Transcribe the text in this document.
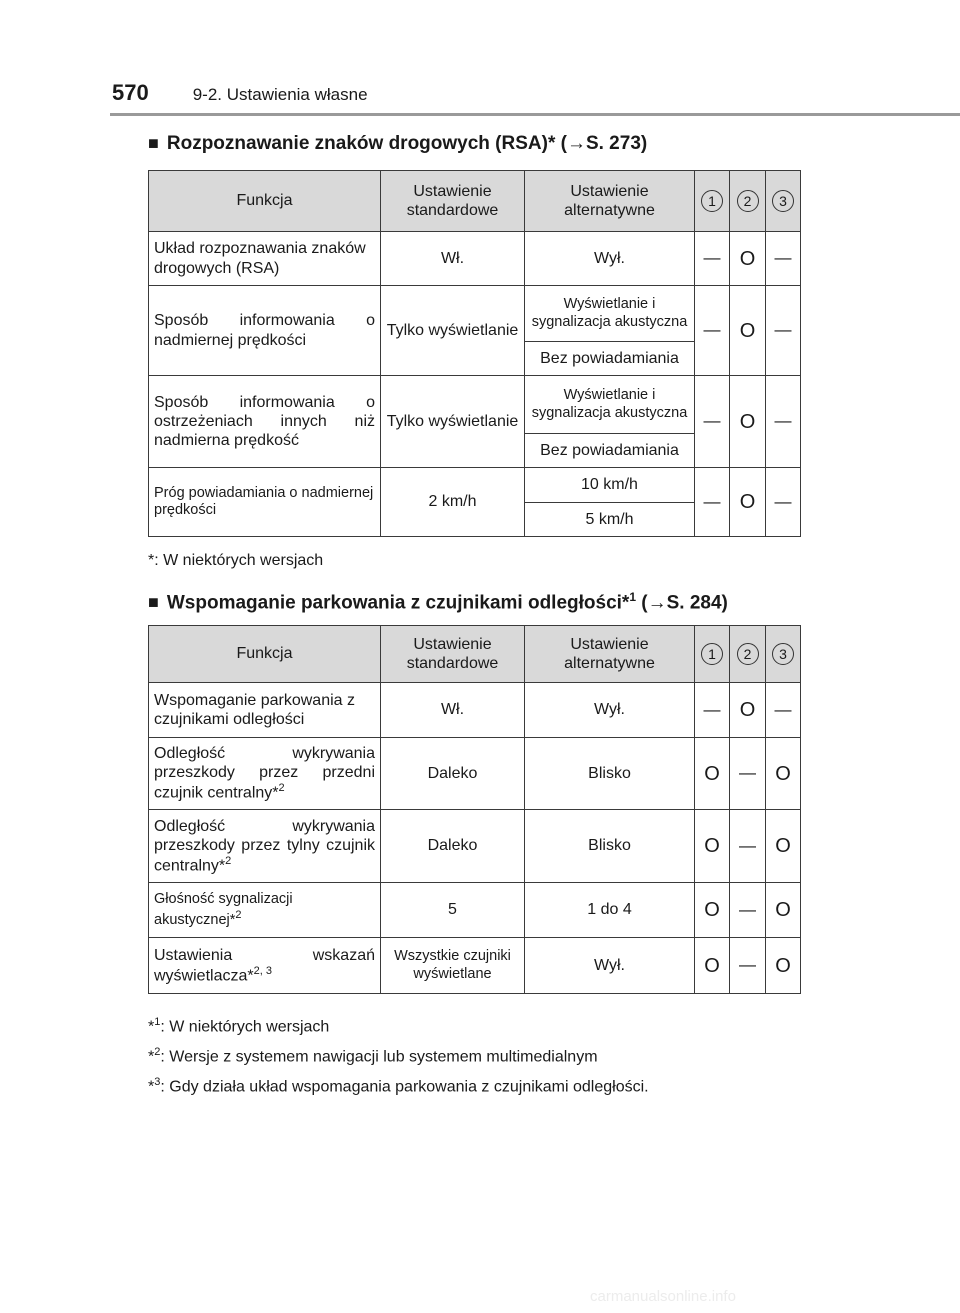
570	9-2. Ustawienia własne
■ Rozpoznawanie znaków drogowych (RSA)* (→S. 273)
Funkcja	Ustawienie standardowe	Ustawienie alternatywne	1	2	3
Układ rozpoznawania znaków drogowych (RSA)	Wł.	Wył.	—	O	—
Sposób informowania o nadmiernej prędkości	Tylko wyświetlanie	Wyświetlanie i sygnalizacja akustyczna	—	O	—
		Bez powiadamiania			
Sposób informowania o ostrzeżeniach innych niż nadmierna prędkość	Tylko wyświetlanie	Wyświetlanie i sygnalizacja akustyczna	—	O	—
		Bez powiadamiania			
Próg powiadamiania o nadmiernej prędkości	2 km/h	10 km/h	—	O	—
		5 km/h			
*: W niektórych wersjach
■ Wspomaganie parkowania z czujnikami odległości*$^1$ (→S. 284)
Funkcja	Ustawienie standardowe	Ustawienie alternatywne	1	2	3
Wspomaganie parkowania z czujnikami odległości	Wł.	Wył.	—	O	—
Odległość wykrywania przeszkody przez przedni czujnik centralny*$^2$	Daleko	Blisko	O	—	O
Odległość wykrywania przeszkody przez tylny czujnik centralny*$^2$	Daleko	Blisko	O	—	O
Głośność sygnalizacji akustycznej*$^2$	5	1 do 4	O	—	O
Ustawienia wskazań wyświetlacza*$^{2, 3}$	Wszystkie czujniki wyświetlane	Wył.	O	—	O
*$^1$: W niektórych wersjach
*$^2$: Wersje z systemem nawigacji lub systemem multimedialnym
*$^3$: Gdy działa układ wspomagania parkowania z czujnikami odległości.
carmanualsonline.info
